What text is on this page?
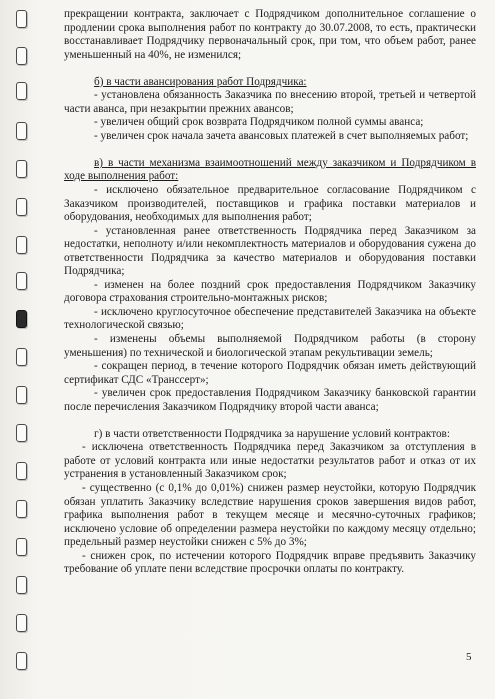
прекращении контракта, заключает с Подрядчиком дополнительное соглашение о продлении срока выполнения работ по контракту до 30.07.2008, то есть, практически восстанавливает Подрядчику первоначальный срок, при том, что объем работ, ранее уменьшенный на 40%, не изменился;

б) в части авансирования работ Подрядчика:

- установлена обязанность Заказчика по внесению второй, третьей и четвертой части аванса, при незакрытии прежних авансов;

- увеличен общий срок возврата Подрядчиком полной суммы аванса;

- увеличен срок начала зачета авансовых платежей в счет выполняемых работ;

в) в части механизма взаимоотношений между заказчиком и Подрядчиком в ходе выполнения работ:

- исключено обязательное предварительное согласование Подрядчиком с Заказчиком производителей, поставщиков и графика поставки материалов и оборудования, необходимых для выполнения работ;

- установленная ранее ответственность Подрядчика перед Заказчиком за недостатки, неполноту и/или некомплектность материалов и оборудования сужена до ответственности Подрядчика за качество материалов и оборудования поставки Подрядчика;

- изменен на более поздний срок предоставления Подрядчиком Заказчику договора страхования строительно-монтажных рисков;

- исключено круглосуточное обеспечение представителей Заказчика на объекте технологической связью;

- изменены объемы выполняемой Подрядчиком работы (в сторону уменьшения) по технической и биологической этапам рекультивации земель;

- сокращен период, в течение которого Подрядчик обязан иметь действующий сертификат СДС «Транссерт»;

- увеличен срок предоставления Подрядчиком Заказчику банковской гарантии после перечисления Заказчиком Подрядчику второй части аванса;

г) в части ответственности Подрядчика за нарушение условий контрактов:

- исключена ответственность Подрядчика перед Заказчиком за отступления в работе от условий контракта или иные недостатки результатов работ и отказ от их устранения в установленный Заказчиком срок;

- существенно (с 0,1% до 0,01%) снижен размер неустойки, которую Подрядчик обязан уплатить Заказчику вследствие нарушения сроков завершения видов работ, графика выполнения работ в текущем месяце и месячно-суточных графиков; исключено условие об определении размера неустойки по каждому месяцу отдельно; предельный размер неустойки снижен с 5% до 3%;

- снижен срок, по истечении которого Подрядчик вправе предъявить Заказчику требование об уплате пени вследствие просрочки оплаты по контракту.

5
